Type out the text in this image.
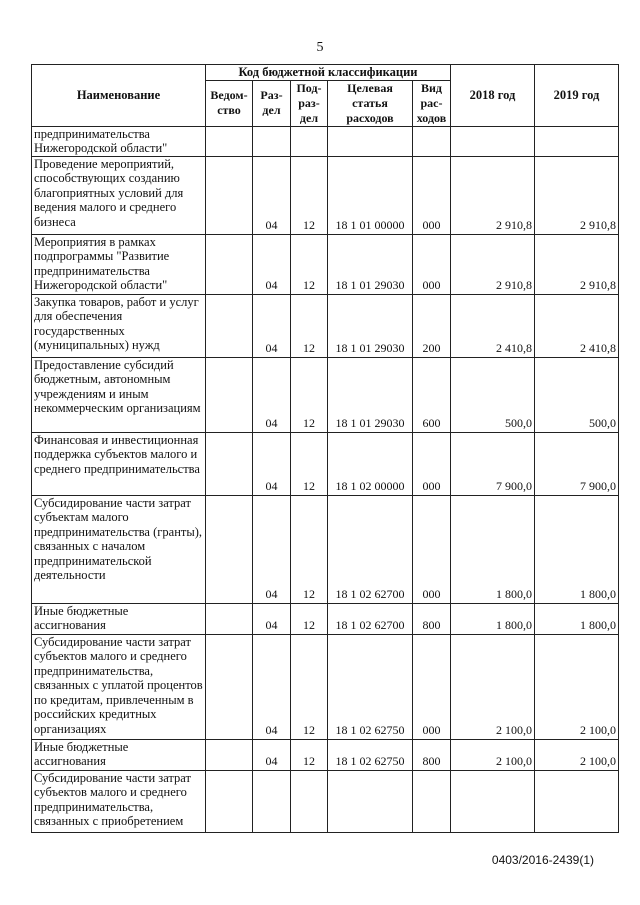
5
Наименование	Код бюджетной классификации					2018 год	2019 год
	Ведом-ство	Раз-дел	Под-раз-дел	Целевая статья расходов	Вид рас-ходов		
предпринимательства Нижегородской области"							
Проведение мероприятий, способствующих созданию благоприятных условий для ведения малого и среднего бизнеса		04	12	18 1 01 00000	000	2 910,8	2 910,8
Мероприятия в рамках подпрограммы "Развитие предпринимательства Нижегородской области"		04	12	18 1 01 29030	000	2 910,8	2 910,8
Закупка товаров, работ и услуг для обеспечения государственных (муниципальных) нужд		04	12	18 1 01 29030	200	2 410,8	2 410,8
Предоставление субсидий бюджетным, автономным учреждениям и иным некоммерческим организациям		04	12	18 1 01 29030	600	500,0	500,0
Финансовая и инвестиционная поддержка субъектов малого и среднего предпринимательства		04	12	18 1 02 00000	000	7 900,0	7 900,0
Субсидирование части затрат субъектам малого предпринимательства (гранты), связанных с началом предпринимательской деятельности		04	12	18 1 02 62700	000	1 800,0	1 800,0
Иные бюджетные ассигнования		04	12	18 1 02 62700	800	1 800,0	1 800,0
Субсидирование части затрат субъектов малого и среднего предпринимательства, связанных с уплатой процентов по кредитам, привлеченным в российских кредитных организациях		04	12	18 1 02 62750	000	2 100,0	2 100,0
Иные бюджетные ассигнования		04	12	18 1 02 62750	800	2 100,0	2 100,0
Субсидирование части затрат субъектов малого и среднего предпринимательства, связанных с приобретением							
0403/2016-2439(1)
